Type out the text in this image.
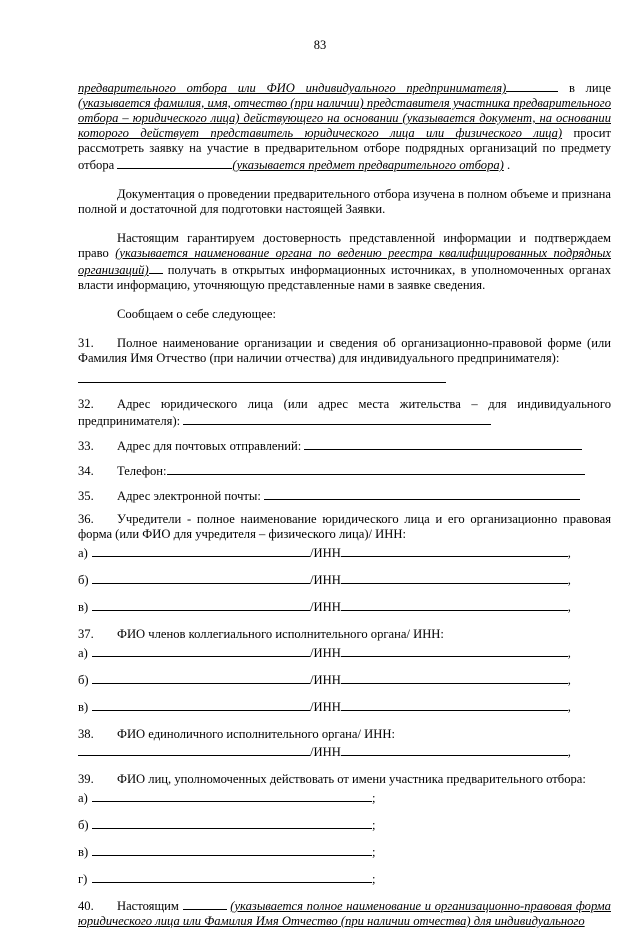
83

предварительного отбора или ФИО индивидуального предпринимателя)	в лице (указывается фамилия, имя, отчество (при наличии) представителя участника предварительного отбора – юридического лица) действующего на основании (указывается документ, на основании которого действует представитель юридического лица или физического лица) просит рассмотреть заявку на участие в предварительном отборе подрядных организаций по предмету отбора	(указывается предмет предварительного отбора) .

Документация о проведении предварительного отбора изучена в полном объеме и признана полной и достаточной для подготовки настоящей Заявки.

Настоящим гарантируем достоверность представленной информации и подтверждаем право (указывается наименование органа по ведению реестра квалифицированных подрядных организаций) получать в открытых информационных источниках, в уполномоченных органах власти информацию, уточняющую представленные нами в заявке сведения.

Сообщаем о себе следующее:

31. Полное наименование организации и сведения об организационно-правовой форме (или Фамилия Имя Отчество (при наличии отчества) для индивидуального предпринимателя):

32. Адрес юридического лица (или адрес места жительства – для индивидуального предпринимателя):

33. Адрес для почтовых отправлений:
34. Телефон:
35. Адрес электронной почты:

36. Учредители - полное наименование юридического лица и его организационно правовая форма (или ФИО для учредителя – физического лица)/ ИНН:

а)	/ИНН	,
б)	/ИНН	,
в)	/ИНН	,
37. ФИО членов коллегиального исполнительного органа/ ИНН:
а)	/ИНН	,
б)	/ИНН	,
в)	/ИНН	,
38. ФИО единоличного исполнительного органа/ ИНН:
/ИНН	,
39. ФИО лиц, уполномоченных действовать от имени участника предварительного отбора:
а)	;
б)	;
в)	;
г)	;

40. Настоящим	(указывается полное наименование и организационно-правовая форма юридического лица или Фамилия Имя Отчество (при наличии отчества) для индивидуального
